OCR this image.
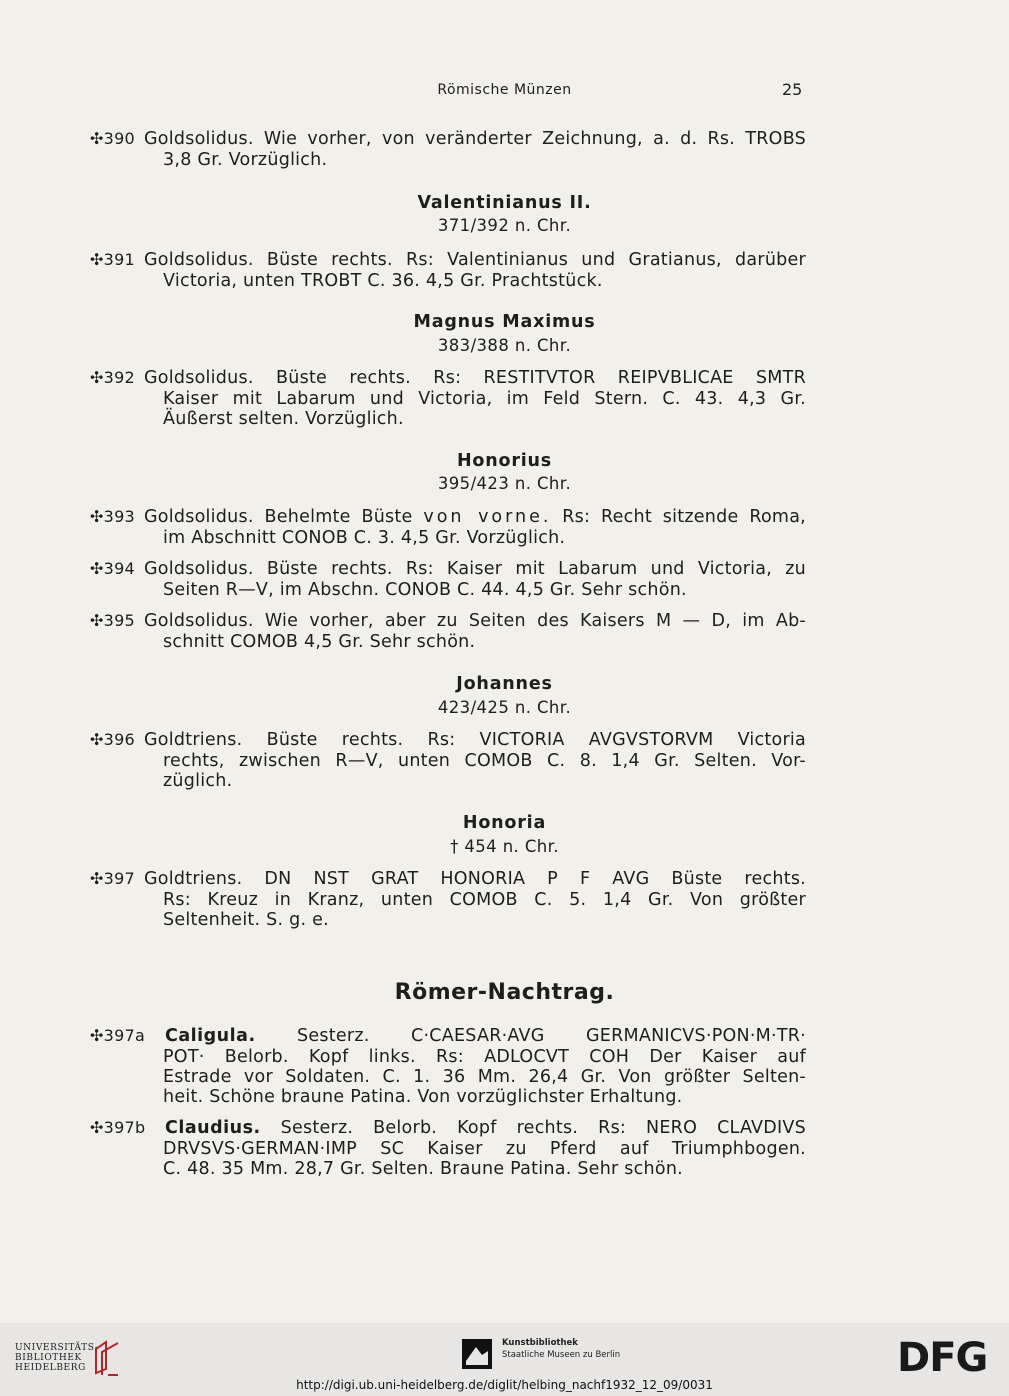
Römische Münzen	25
✣390 Goldsolidus. Wie vorher, von veränderter Zeichnung, a. d. Rs. TROBS
3,8 Gr. Vorzüglich.
Valentinianus II.
371/392 n. Chr.
✣391 Goldsolidus. Büste rechts. Rs: Valentinianus und Gratianus, darüber
Victoria, unten TROBT C. 36. 4,5 Gr. Prachtstück.
Magnus Maximus
383/388 n. Chr.
✣392 Goldsolidus. Büste rechts. Rs: RESTITVTOR REIPVBLICAE SMTR
Kaiser mit Labarum und Victoria, im Feld Stern. C. 43. 4,3 Gr.
Äußerst selten. Vorzüglich.
Honorius
395/423 n. Chr.
✣393 Goldsolidus. Behelmte Büste von vorne. Rs: Recht sitzende Roma,
im Abschnitt CONOB C. 3. 4,5 Gr. Vorzüglich.
✣394 Goldsolidus. Büste rechts. Rs: Kaiser mit Labarum und Victoria, zu
Seiten R—V, im Abschn. CONOB C. 44. 4,5 Gr. Sehr schön.
✣395 Goldsolidus. Wie vorher, aber zu Seiten des Kaisers M — D, im Ab-
schnitt COMOB 4,5 Gr. Sehr schön.
Johannes
423/425 n. Chr.
✣396 Goldtriens. Büste rechts. Rs: VICTORIA AVGVSTORVM Victoria
rechts, zwischen R—V, unten COMOB C. 8. 1,4 Gr. Selten. Vor-
züglich.
Honoria
† 454 n. Chr.
✣397 Goldtriens. DN NST GRAT HONORIA P F AVG Büste rechts.
Rs: Kreuz in Kranz, unten COMOB C. 5. 1,4 Gr. Von größter
Seltenheit. S. g. e.
Römer-Nachtrag.
✣397a	Caligula. Sesterz. C·CAESAR·AVG GERMANICVS·PON·M·TR·
POT· Belorb. Kopf links. Rs: ADLOCVT COH Der Kaiser auf
Estrade vor Soldaten. C. 1. 36 Mm. 26,4 Gr. Von größter Selten-
heit. Schöne braune Patina. Von vorzüglichster Erhaltung.
✣397b	Claudius. Sesterz. Belorb. Kopf rechts. Rs: NERO CLAVDIVS
DRVSVS·GERMAN·IMP SC Kaiser zu Pferd auf Triumphbogen.
C. 48. 35 Mm. 28,7 Gr. Selten. Braune Patina. Sehr schön.
UNIVERSITÄTS-
BIBLIOTHEK
HEIDELBERG
Kunstbibliothek
Staatliche Museen zu Berlin	DFG
http://digi.ub.uni-heidelberg.de/diglit/helbing_nachf1932_12_09/0031
